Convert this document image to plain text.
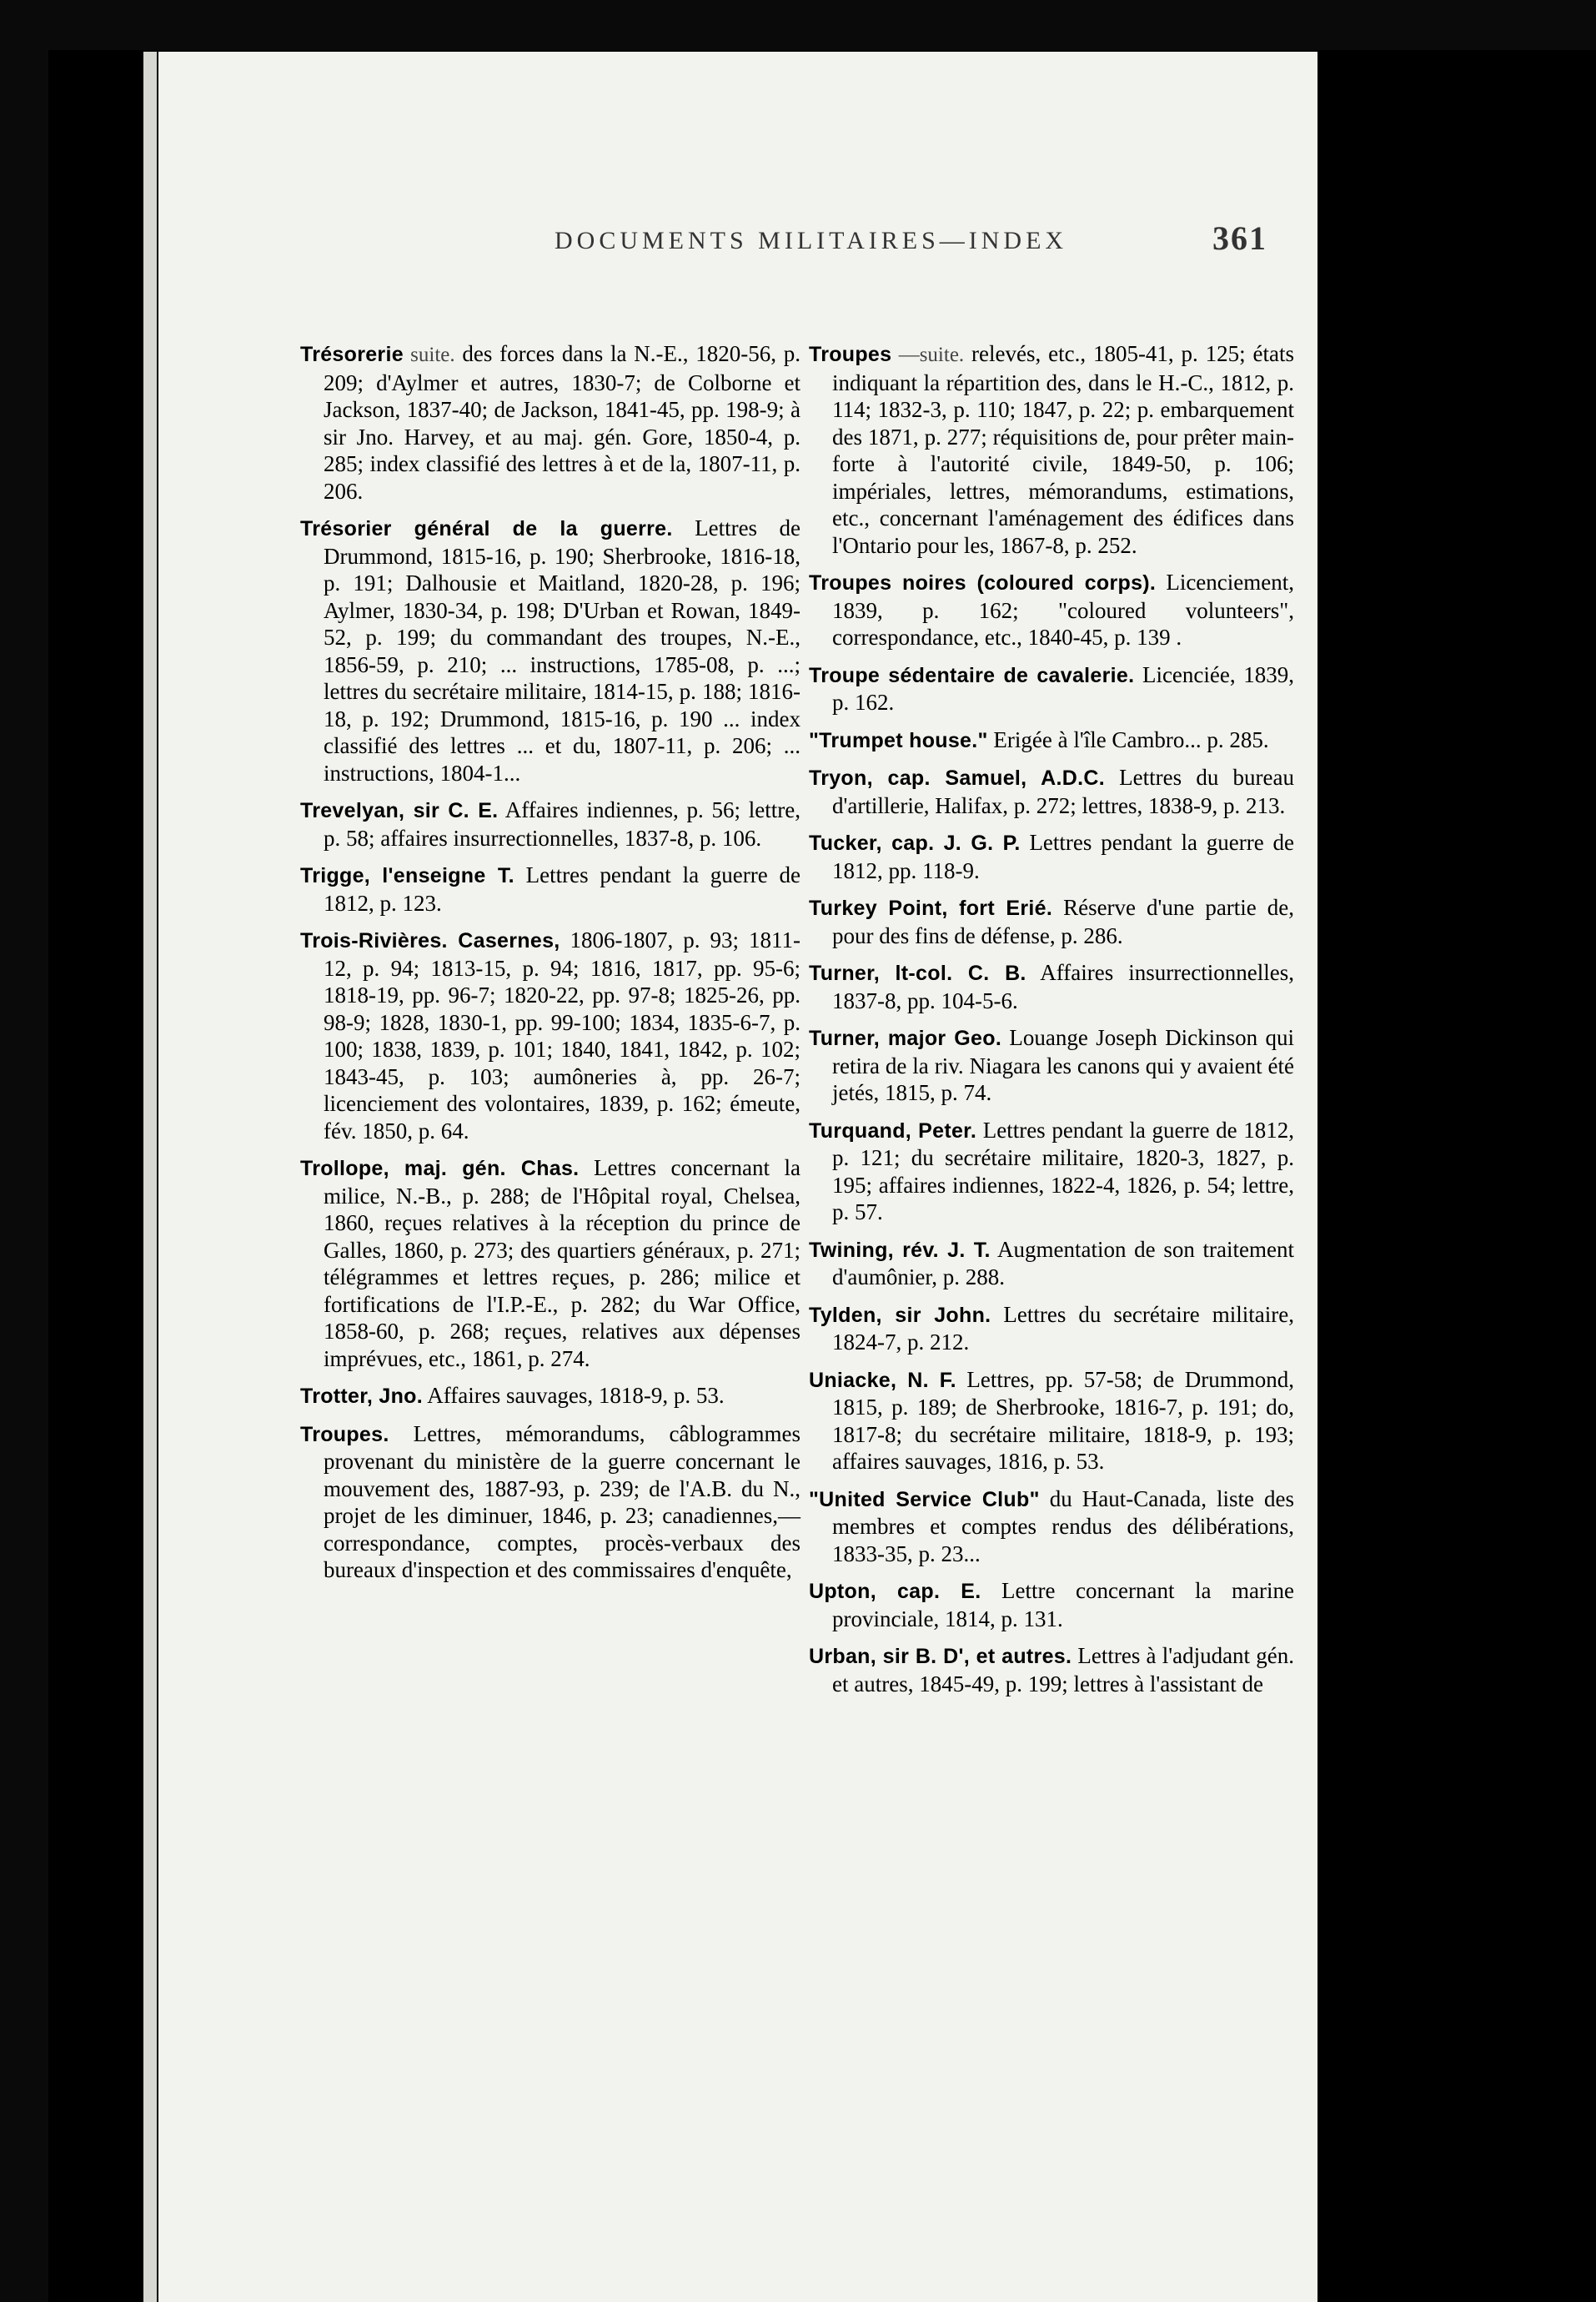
DOCUMENTS MILITAIRES—INDEX	361
Trésorerie suite. des forces dans la N.-E., 1820-56, p. 209; d'Aylmer et autres, 1830-7; de Colborne et Jackson, 1837-40; de Jackson, 1841-45, pp. 198-9; à sir Jno. Harvey, et au maj. gén. Gore, 1850-4, p. 285; index classifié des lettres à et de la, 1807-11, p. 206.
Trésorier général de la guerre. Lettres de Drummond, 1815-16, p. 190; Sherbrooke, 1816-18, p. 191; Dalhousie et Maitland, 1820-28, p. 196; Aylmer, 1830-34, p. 198; D'Urban et Rowan, 1849-52, p. 199; du commandant des troupes, N.-E., 1856-59, p. 210; ... instructions, 1785-08, p. ...; lettres du secrétaire militaire, 1814-15, p. 188; 1816-18, p. 192; Drummond, 1815-16, p. 190 ... index classifié des lettres ... et du, 1807-11, p. 206; ... instructions, 1804-1...
Trevelyan, sir C. E. Affaires indiennes, p. 56; lettre, p. 58; affaires insurrectionnelles, 1837-8, p. 106.
Trigge, l'enseigne T. Lettres pendant la guerre de 1812, p. 123.
Trois-Rivières. Casernes, 1806-1807, p. 93; 1811-12, p. 94; 1813-15, p. 94; 1816, 1817, pp. 95-6; 1818-19, pp. 96-7; 1820-22, pp. 97-8; 1825-26, pp. 98-9; 1828, 1830-1, pp. 99-100; 1834, 1835-6-7, p. 100; 1838, 1839, p. 101; 1840, 1841, 1842, p. 102; 1843-45, p. 103; aumôneries à, pp. 26-7; licenciement des volontaires, 1839, p. 162; émeute, fév. 1850, p. 64.
Trollope, maj. gén. Chas. Lettres concernant la milice, N.-B., p. 288; de l'Hôpital royal, Chelsea, 1860, reçues relatives à la réception du prince de Galles, 1860, p. 273; des quartiers généraux, p. 271; télégrammes et lettres reçues, p. 286; milice et fortifications de l'I.P.-E., p. 282; du War Office, 1858-60, p. 268; reçues, relatives aux dépenses imprévues, etc., 1861, p. 274.
Trotter, Jno. Affaires sauvages, 1818-9, p. 53.
Troupes. Lettres, mémorandums, câblogrammes provenant du ministère de la guerre concernant le mouvement des, 1887-93, p. 239; de l'A.B. du N., projet de les diminuer, 1846, p. 23; canadiennes,—correspondance, comptes, procès-verbaux des bureaux d'inspection et des commissaires d'enquête,
Troupes —suite. relevés, etc., 1805-41, p. 125; états indiquant la répartition des, dans le H.-C., 1812, p. 114; 1832-3, p. 110; 1847, p. 22; p. embarquement des 1871, p. 277; réquisitions de, pour prêter main-forte à l'autorité civile, 1849-50, p. 106; impériales, lettres, mémorandums, estimations, etc., concernant l'aménagement des édifices dans l'Ontario pour les, 1867-8, p. 252.
Troupes noires (coloured corps). Licenciement, 1839, p. 162; "coloured volunteers", correspondance, etc., 1840-45, p. 139 .
Troupe sédentaire de cavalerie. Licenciée, 1839, p. 162.
"Trumpet house." Erigée à l'île Cambro... p. 285.
Tryon, cap. Samuel, A.D.C. Lettres du bureau d'artillerie, Halifax, p. 272; lettres, 1838-9, p. 213.
Tucker, cap. J. G. P. Lettres pendant la guerre de 1812, pp. 118-9.
Turkey Point, fort Erié. Réserve d'une partie de, pour des fins de défense, p. 286.
Turner, lt-col. C. B. Affaires insurrectionnelles, 1837-8, pp. 104-5-6.
Turner, major Geo. Louange Joseph Dickinson qui retira de la riv. Niagara les canons qui y avaient été jetés, 1815, p. 74.
Turquand, Peter. Lettres pendant la guerre de 1812, p. 121; du secrétaire militaire, 1820-3, 1827, p. 195; affaires indiennes, 1822-4, 1826, p. 54; lettre, p. 57.
Twining, rév. J. T. Augmentation de son traitement d'aumônier, p. 288.
Tylden, sir John. Lettres du secrétaire militaire, 1824-7, p. 212.
Uniacke, N. F. Lettres, pp. 57-58; de Drummond, 1815, p. 189; de Sherbrooke, 1816-7, p. 191; do, 1817-8; du secrétaire militaire, 1818-9, p. 193; affaires sauvages, 1816, p. 53.
"United Service Club" du Haut-Canada, liste des membres et comptes rendus des délibérations, 1833-35, p. 23...
Upton, cap. E. Lettre concernant la marine provinciale, 1814, p. 131.
Urban, sir B. D', et autres. Lettres à l'adjudant gén. et autres, 1845-49, p. 199; lettres à l'assistant de
